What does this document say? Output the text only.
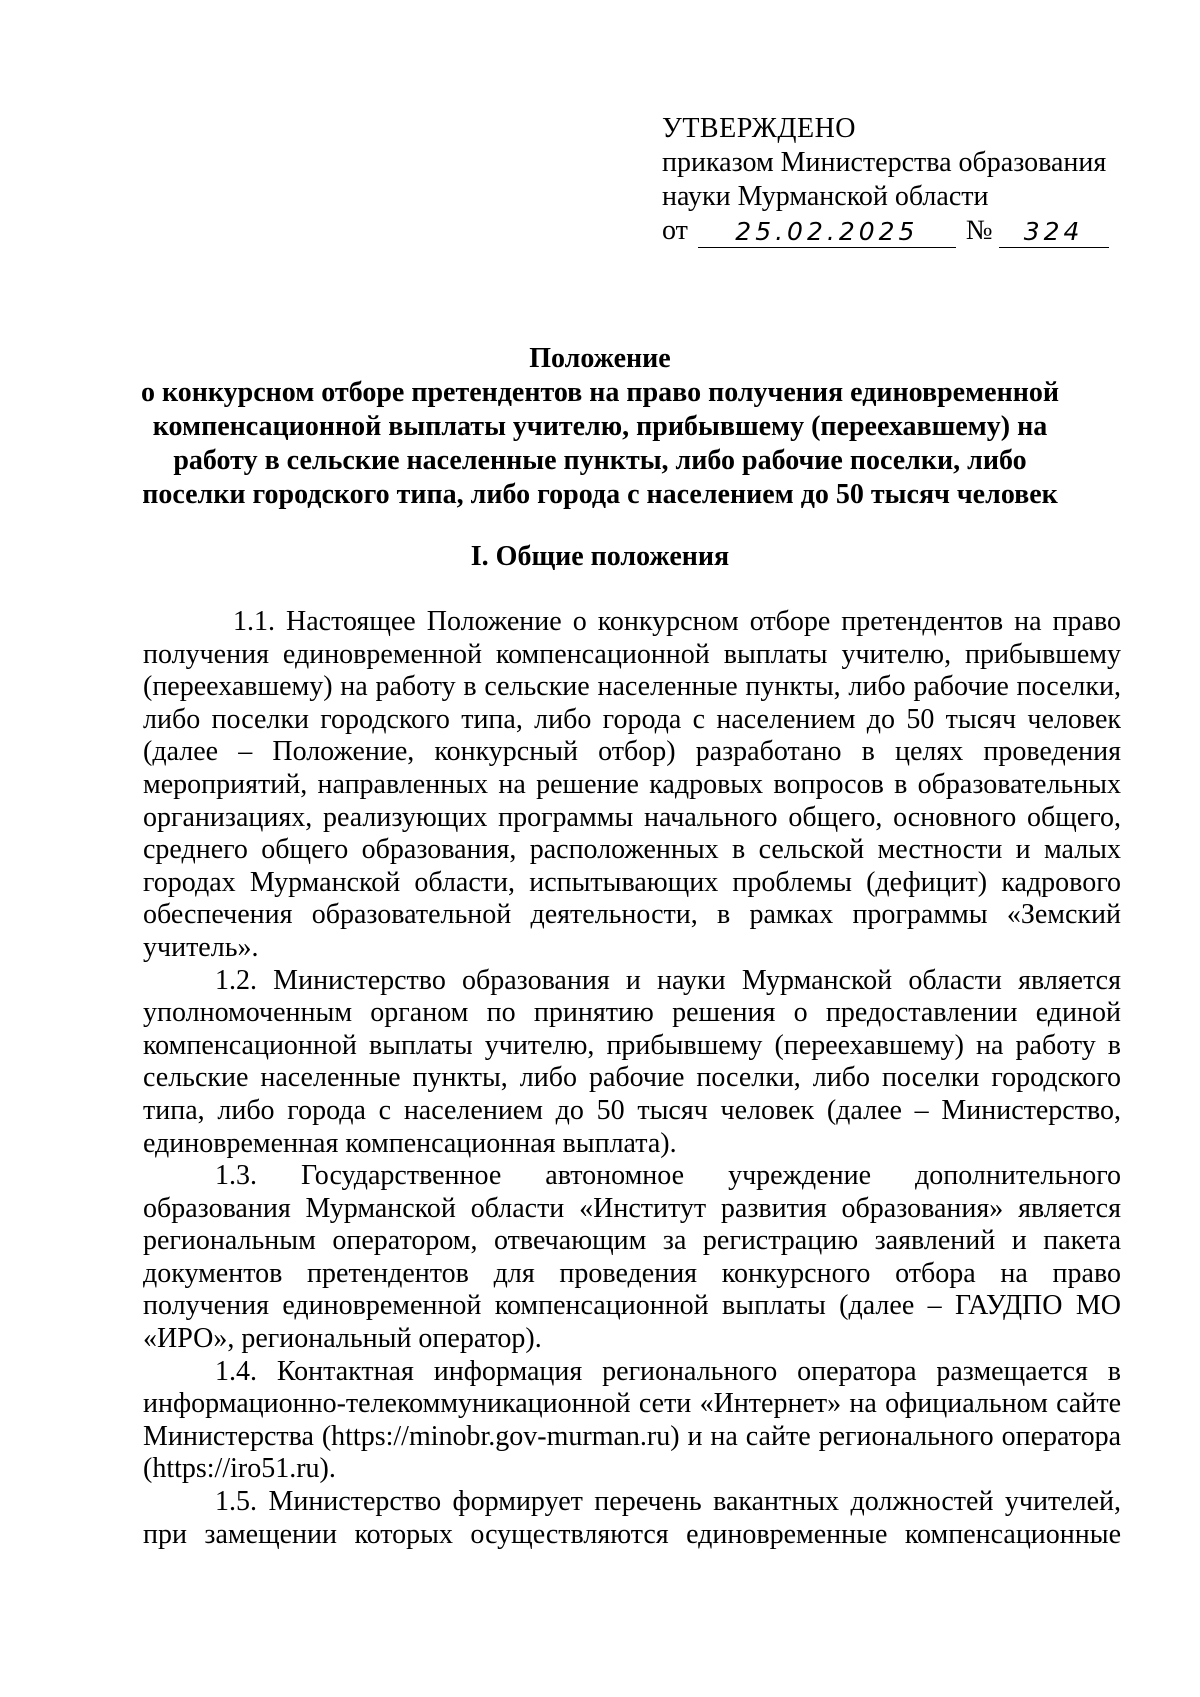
УТВЕРЖДЕНО
приказом Министерства образования
науки Мурманской области
от	25.02.2025	№	324
Положение
о конкурсном отборе претендентов на право получения единовременной
компенсационной выплаты учителю, прибывшему (переехавшему) на
работу в сельские населенные пункты, либо рабочие поселки, либо
поселки городского типа, либо города с населением до 50 тысяч человек
I. Общие положения

1.1. Настоящее Положение о конкурсном отборе претендентов на право получения единовременной компенсационной выплаты учителю, прибывшему (переехавшему) на работу в сельские населенные пункты, либо рабочие поселки, либо поселки городского типа, либо города с населением до 50 тысяч человек (далее – Положение, конкурсный отбор) разработано в целях проведения мероприятий, направленных на решение кадровых вопросов в образовательных организациях, реализующих программы начального общего, основного общего, среднего общего образования, расположенных в сельской местности и малых городах Мурманской области, испытывающих проблемы (дефицит) кадрового обеспечения образовательной деятельности, в рамках программы «Земский учитель».

1.2. Министерство образования и науки Мурманской области является уполномоченным органом по принятию решения о предоставлении единой компенсационной выплаты учителю, прибывшему (переехавшему) на работу в сельские населенные пункты, либо рабочие поселки, либо поселки городского типа, либо города с населением до 50 тысяч человек (далее – Министерство, единовременная компенсационная выплата).

1.3. Государственное автономное учреждение дополнительного образования Мурманской области «Институт развития образования» является региональным оператором, отвечающим за регистрацию заявлений и пакета документов претендентов для проведения конкурсного отбора на право получения единовременной компенсационной выплаты (далее – ГАУДПО МО «ИРО», региональный оператор).

1.4. Контактная информация регионального оператора размещается в информационно-телекоммуникационной сети «Интернет» на официальном сайте Министерства (https://minobr.gov-murman.ru) и на сайте регионального оператора (https://iro51.ru).

1.5. Министерство формирует перечень вакантных должностей учителей, при замещении которых осуществляются единовременные компенсационные
